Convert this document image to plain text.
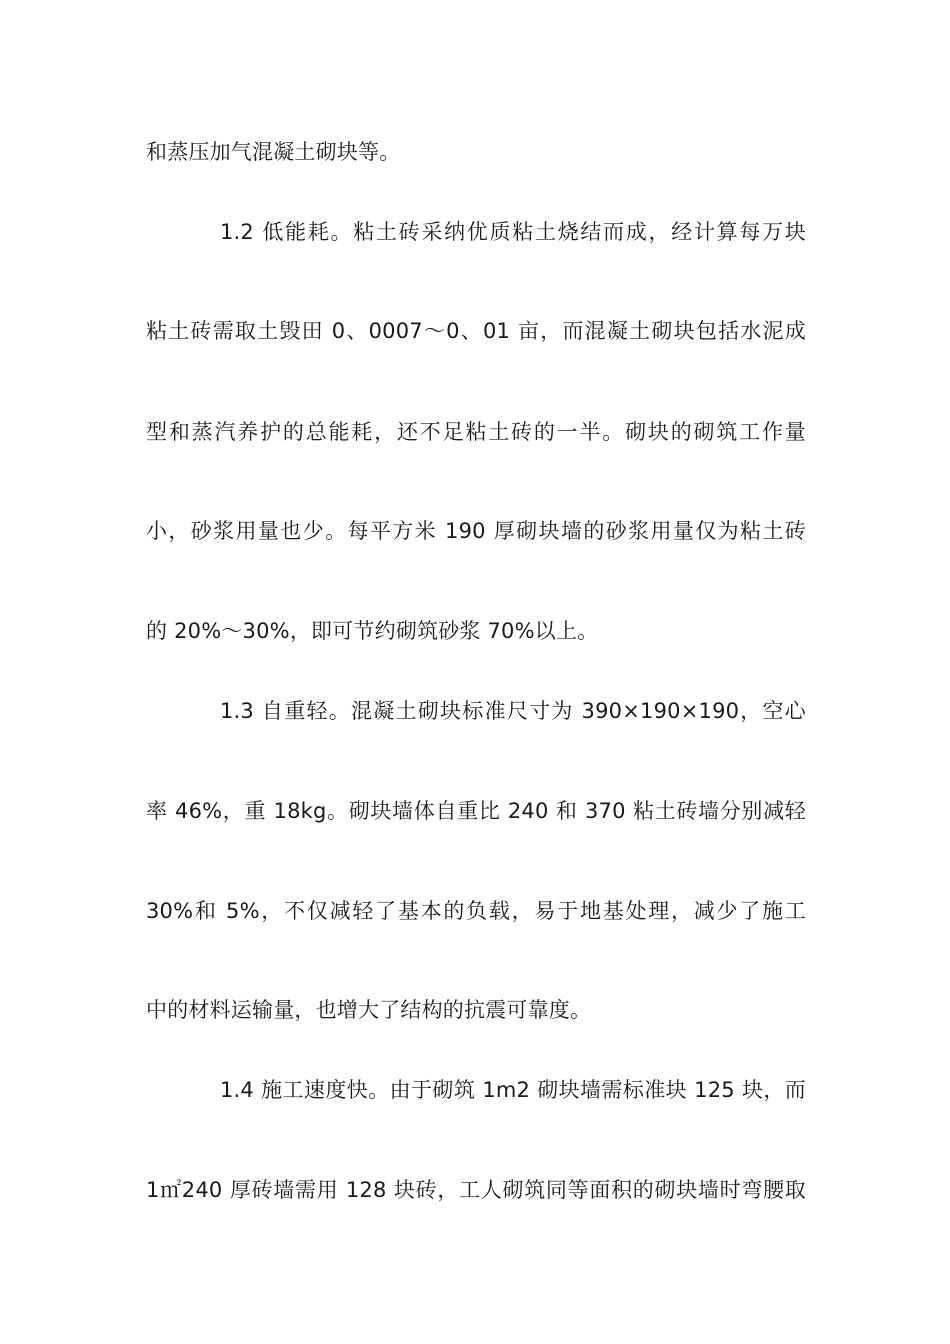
和蒸压加气混凝土砌块等。
1.2 低能耗。粘土砖采纳优质粘土烧结而成，经计算每万块
粘土砖需取土毁田 0、0007～0、01 亩，而混凝土砌块包括水泥成
型和蒸汽养护的总能耗，还不足粘土砖的一半。砌块的砌筑工作量
小，砂浆用量也少。每平方米 190 厚砌块墙的砂浆用量仅为粘土砖
的 20%～30%，即可节约砌筑砂浆 70%以上。
1.3 自重轻。混凝土砌块标准尺寸为 390×190×190，空心
率 46%，重 18kg。砌块墙体自重比 240 和 370 粘土砖墙分别减轻
30%和 5%，不仅减轻了基本的负载，易于地基处理，减少了施工
中的材料运输量，也增大了结构的抗震可靠度。
1.4 施工速度快。由于砌筑 1m2 砌块墙需标准块 125 块，而
1㎡240 厚砖墙需用 128 块砖，工人砌筑同等面积的砌块墙时弯腰取
